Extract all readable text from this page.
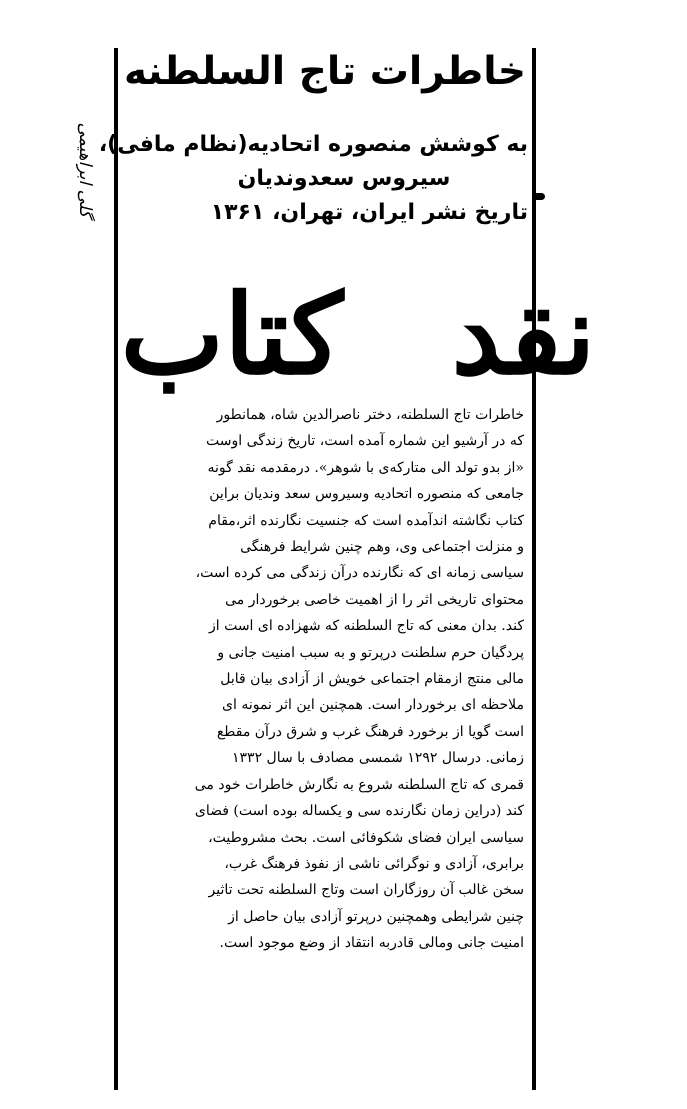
خاطرات تاج السلطنه
به کوشش منصوره اتحادیه(نظام مافی)،
سیروس سعدوندیان
تاریخ نشر ایران، تهران، ۱۳۶۱
نقد کتاب
گلی ابراهیمی
خاطرات تاج السلطنه، دختر ناصرالدین شاه، همانطور
که در آرشیو این شماره آمده است، تاریخ زندگی اوست
«از بدو تولد الی متارکه‌ی با شوهر». درمقدمه نقد گونه
جامعی که منصوره اتحادیه وسیروس سعد وندیان براین
کتاب نگاشته اندآمده است که جنسیت نگارنده اثر،مقام
و منزلت اجتماعی وی، وهم چنین شرایط فرهنگی
سیاسی زمانه ای که نگارنده درآن زندگی می کرده است،
محتوای تاریخی اثر را از اهمیت خاصی برخوردار می
کند. بدان معنی که تاج السلطنه که شهزاده ای است از
پردگیان حرم سلطنت درپرتو و به سبب امنیت جانی و
مالی منتج ازمقام اجتماعی خویش از آزادی بیان قابل
ملاحظه ای برخوردار است. همچنین این اثر نمونه ای
است گویا از برخورد فرهنگ غرب و شرق درآن مقطع
زمانی. درسال ۱۲۹۲ شمسی مصادف با سال ۱۳۳۲
قمری که تاج السلطنه شروع به نگارش خاطرات خود می
کند (دراین زمان نگارنده سی و یکساله بوده است) فضای
سیاسی ایران فضای شکوفائی است. بحث مشروطیت،
برابری، آزادی و نوگرائی ناشی از نفوذ فرهنگ غرب،
سخن غالب آن روزگاران است وتاج السلطنه تحت تاثیر
چنین شرایطی وهمچنین درپرتو آزادی بیان حاصل از
امنیت جانی ومالی قادربه انتقاد از وضع موجود است.
